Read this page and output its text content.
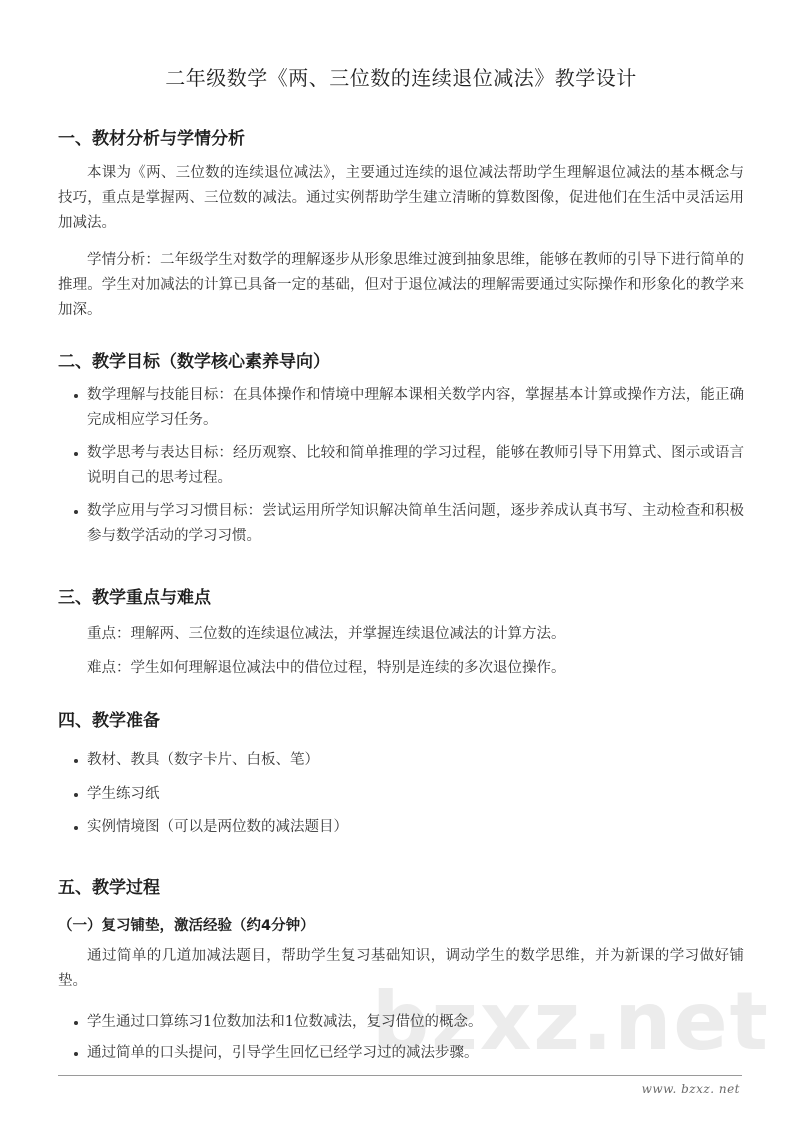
bzxz.net
二年级数学《两、三位数的连续退位减法》教学设计
一、教材分析与学情分析

本课为《两、三位数的连续退位减法》，主要通过连续的退位减法帮助学生理解退位减法的基本概念与技巧，重点是掌握两、三位数的减法。通过实例帮助学生建立清晰的算数图像，促进他们在生活中灵活运用加减法。

学情分析：二年级学生对数学的理解逐步从形象思维过渡到抽象思维，能够在教师的引导下进行简单的推理。学生对加减法的计算已具备一定的基础，但对于退位减法的理解需要通过实际操作和形象化的教学来加深。

二、教学目标（数学核心素养导向）
数学理解与技能目标：在具体操作和情境中理解本课相关数学内容，掌握基本计算或操作方法，能正确完成相应学习任务。
数学思考与表达目标：经历观察、比较和简单推理的学习过程，能够在教师引导下用算式、图示或语言说明自己的思考过程。
数学应用与学习习惯目标：尝试运用所学知识解决简单生活问题，逐步养成认真书写、主动检查和积极参与数学活动的学习习惯。
三、教学重点与难点

重点：理解两、三位数的连续退位减法，并掌握连续退位减法的计算方法。

难点：学生如何理解退位减法中的借位过程，特别是连续的多次退位操作。

四、教学准备
教材、教具（数字卡片、白板、笔）
学生练习纸
实例情境图（可以是两位数的减法题目）
五、教学过程
（一）复习铺垫，激活经验（约4分钟）

通过简单的几道加减法题目，帮助学生复习基础知识，调动学生的数学思维，并为新课的学习做好铺垫。

学生通过口算练习1位数加法和1位数减法，复习借位的概念。
通过简单的口头提问，引导学生回忆已经学习过的减法步骤。
www. bzxz. net
